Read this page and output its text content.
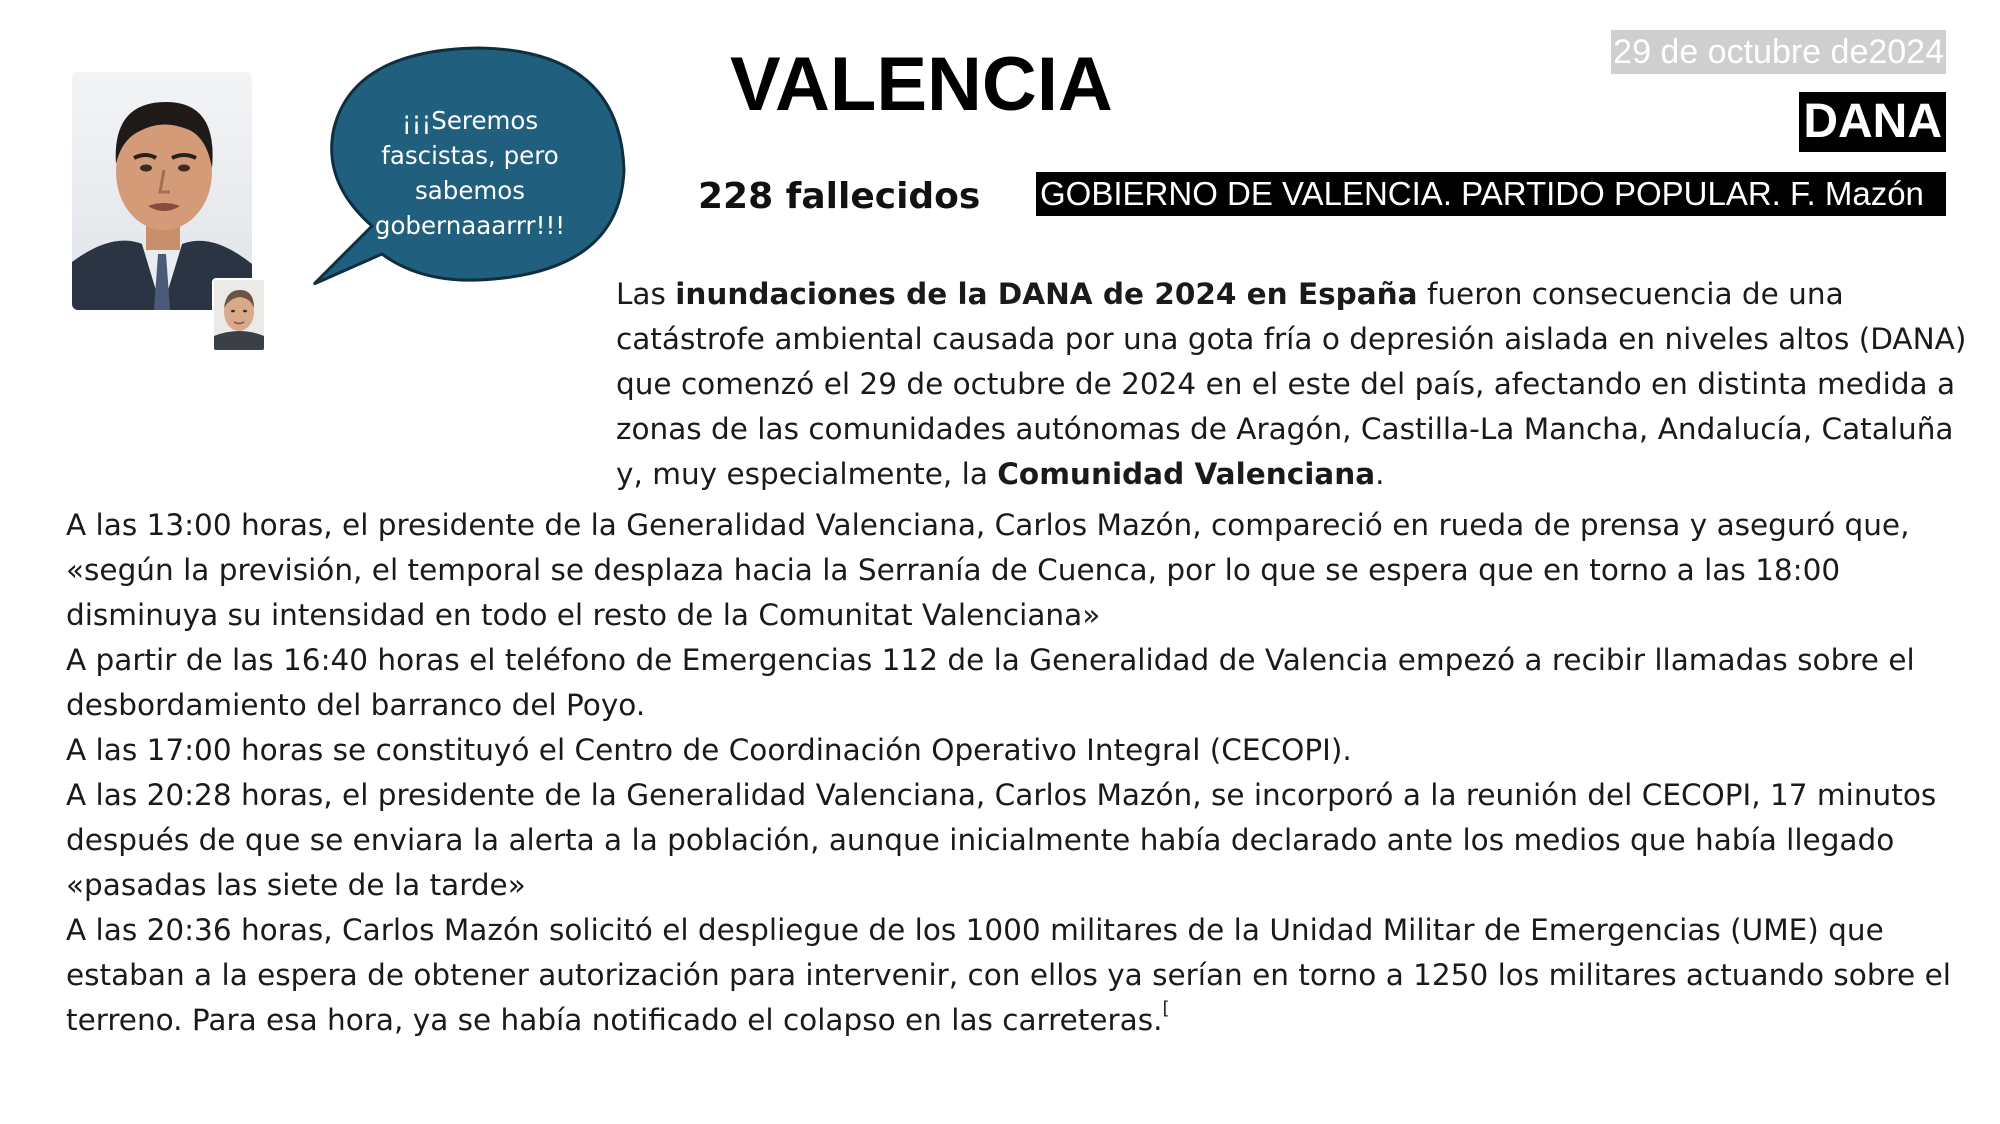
¡¡¡Seremos
fascistas, pero
sabemos
gobernaaarrr!!!
VALENCIA	29 de octubre de2024
DANA
228 fallecidos GOBIERNO DE VALENCIA. PARTIDO POPULAR. F. Mazón

Las inundaciones de la DANA de 2024 en España fueron consecuencia de una catástrofe ambiental causada por una gota fría o depresión aislada en niveles altos (DANA) que comenzó el 29 de octubre de 2024 en el este del país, afectando en distinta medida a zonas de las comunidades autónomas de Aragón, Castilla-La Mancha, Andalucía, Cataluña y, muy especialmente, la Comunidad Valenciana.

A las 13:00 horas, el presidente de la Generalidad Valenciana, Carlos Mazón, compareció en rueda de prensa y aseguró que, «según la previsión, el temporal se desplaza hacia la Serranía de Cuenca, por lo que se espera que en torno a las 18:00 disminuya su intensidad en todo el resto de la Comunitat Valenciana»

A partir de las 16:40 horas el teléfono de Emergencias 112 de la Generalidad de Valencia empezó a recibir llamadas sobre el desbordamiento del barranco del Poyo.

A las 17:00 horas se constituyó el Centro de Coordinación Operativo Integral (CECOPI).

A las 20:28 horas, el presidente de la Generalidad Valenciana, Carlos Mazón, se incorporó a la reunión del CECOPI, 17 minutos después de que se enviara la alerta a la población, aunque inicialmente había declarado ante los medios que había llegado «pasadas las siete de la tarde»

A las 20:36 horas, Carlos Mazón solicitó el despliegue de los 1000 militares de la Unidad Militar de Emergencias (UME) que estaban a la espera de obtener autorización para intervenir, con ellos ya serían en torno a 1250 los militares actuando sobre el terreno. Para esa hora, ya se había notificado el colapso en las carreteras.[
